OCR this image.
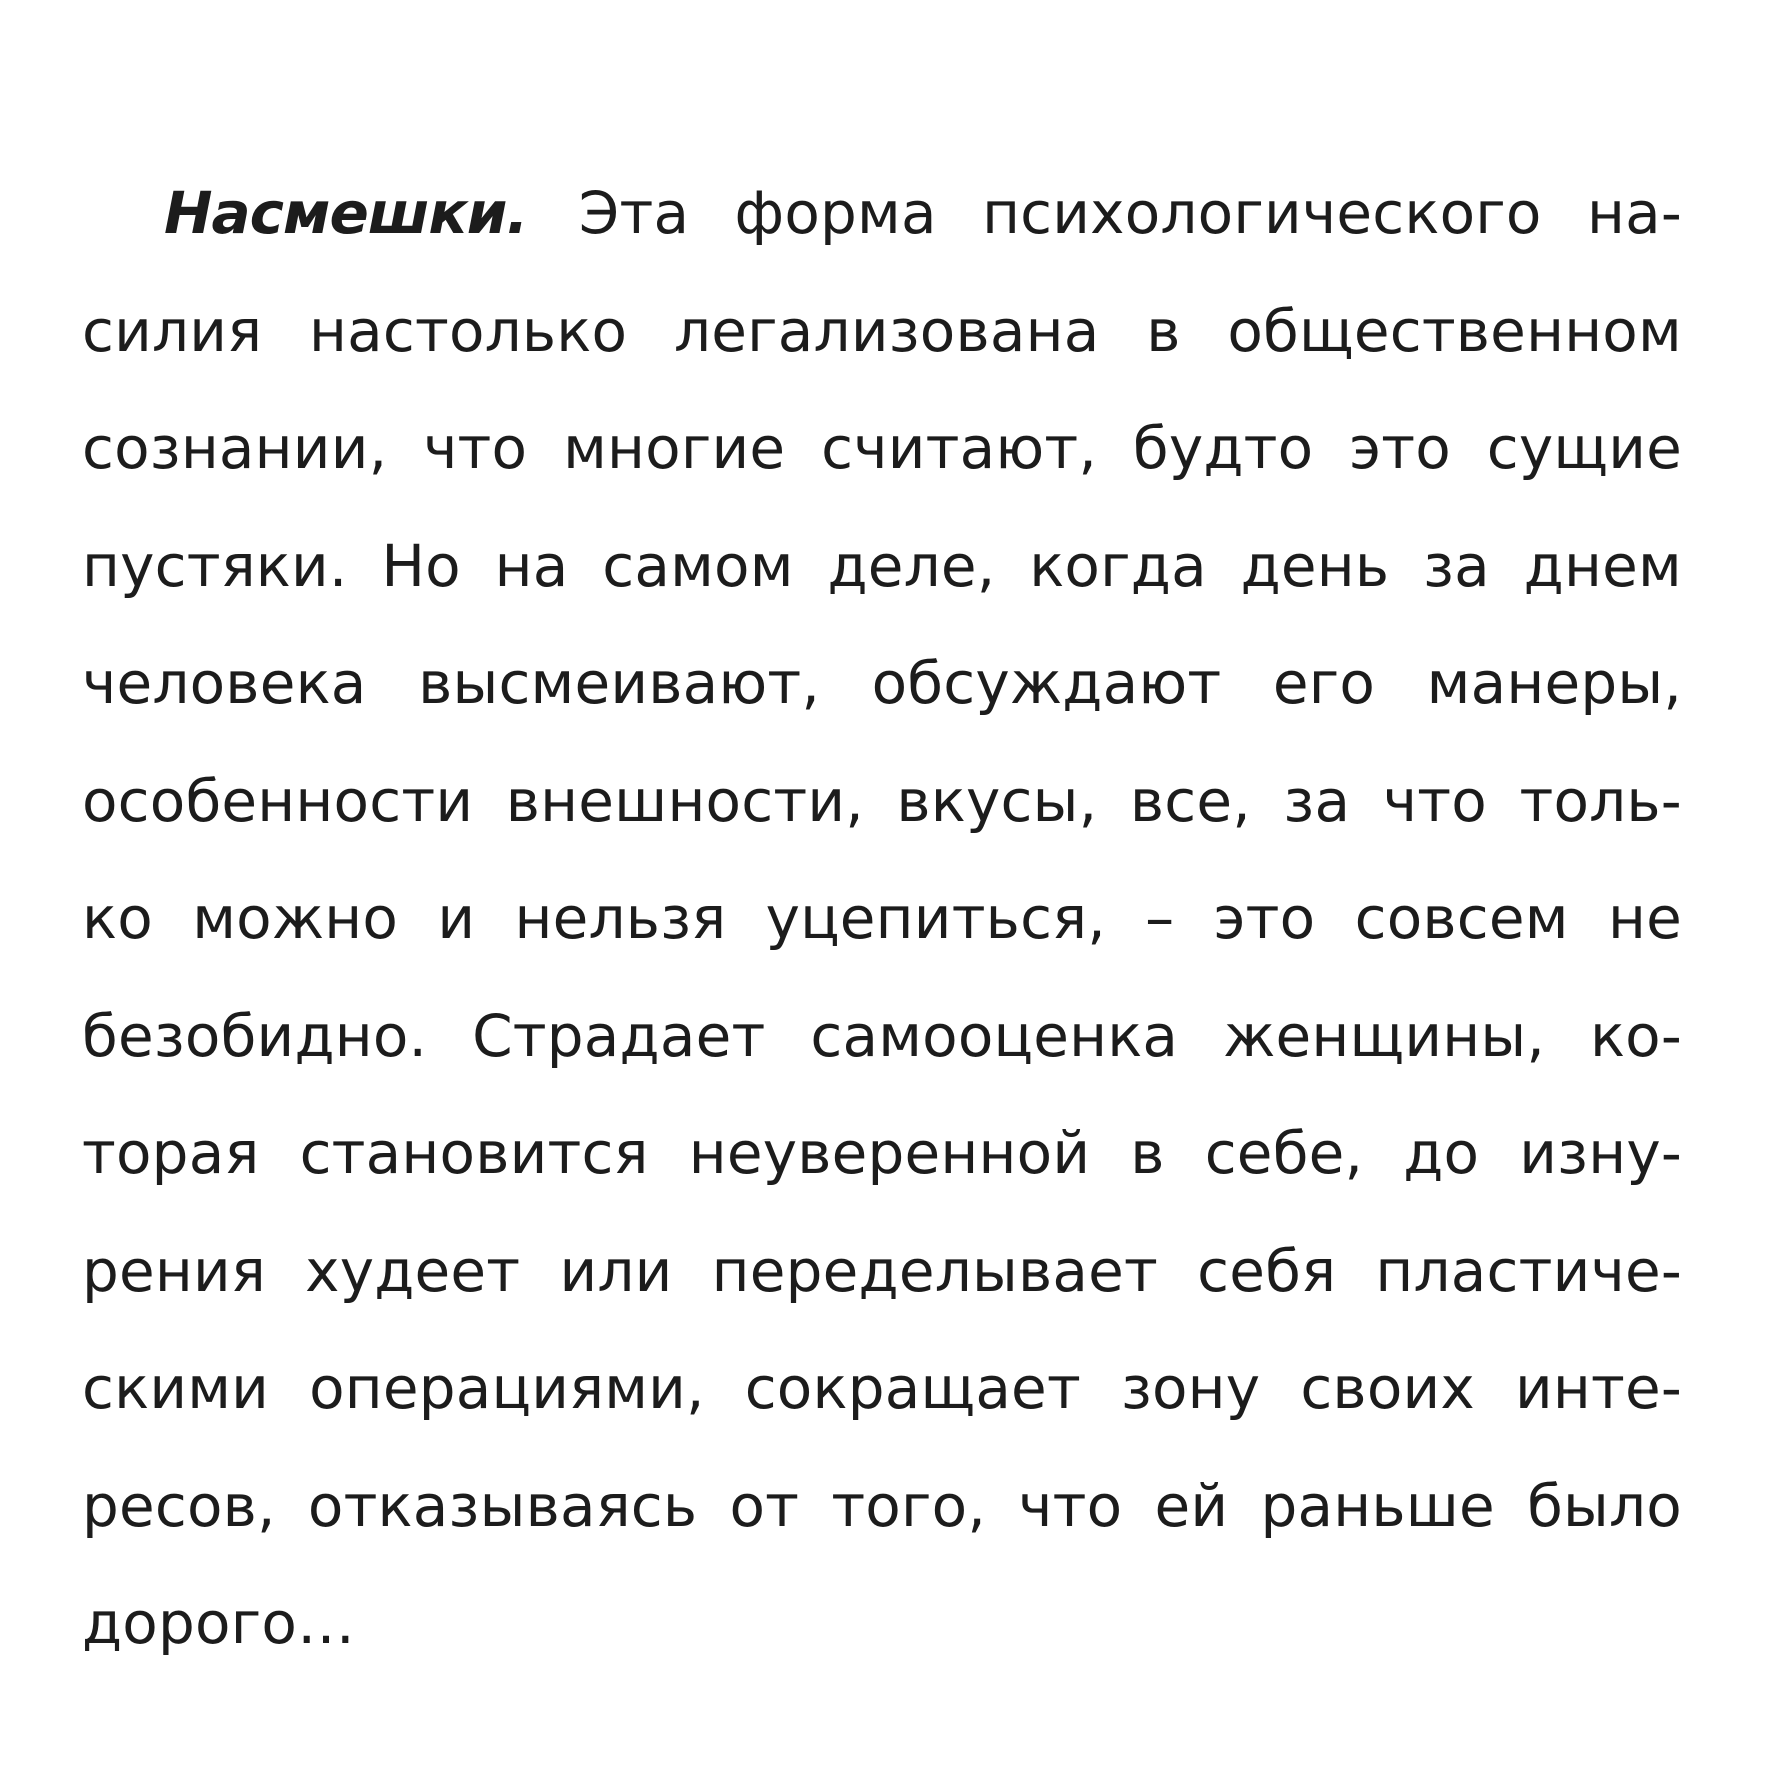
Насмешки. Эта форма психологического на-
силия настолько легализована в общественном
сознании, что многие считают, будто это сущие
пустяки. Но на самом деле, когда день за днем
человека высмеивают, обсуждают его манеры,
особенности внешности, вкусы, все, за что толь-
ко можно и нельзя уцепиться, – это совсем не
безобидно. Страдает самооценка женщины, ко-
торая становится неуверенной в себе, до изну-
рения худеет или переделывает себя пластиче-
скими операциями, сокращает зону своих инте-
ресов, отказываясь от того, что ей раньше было
дорого…
